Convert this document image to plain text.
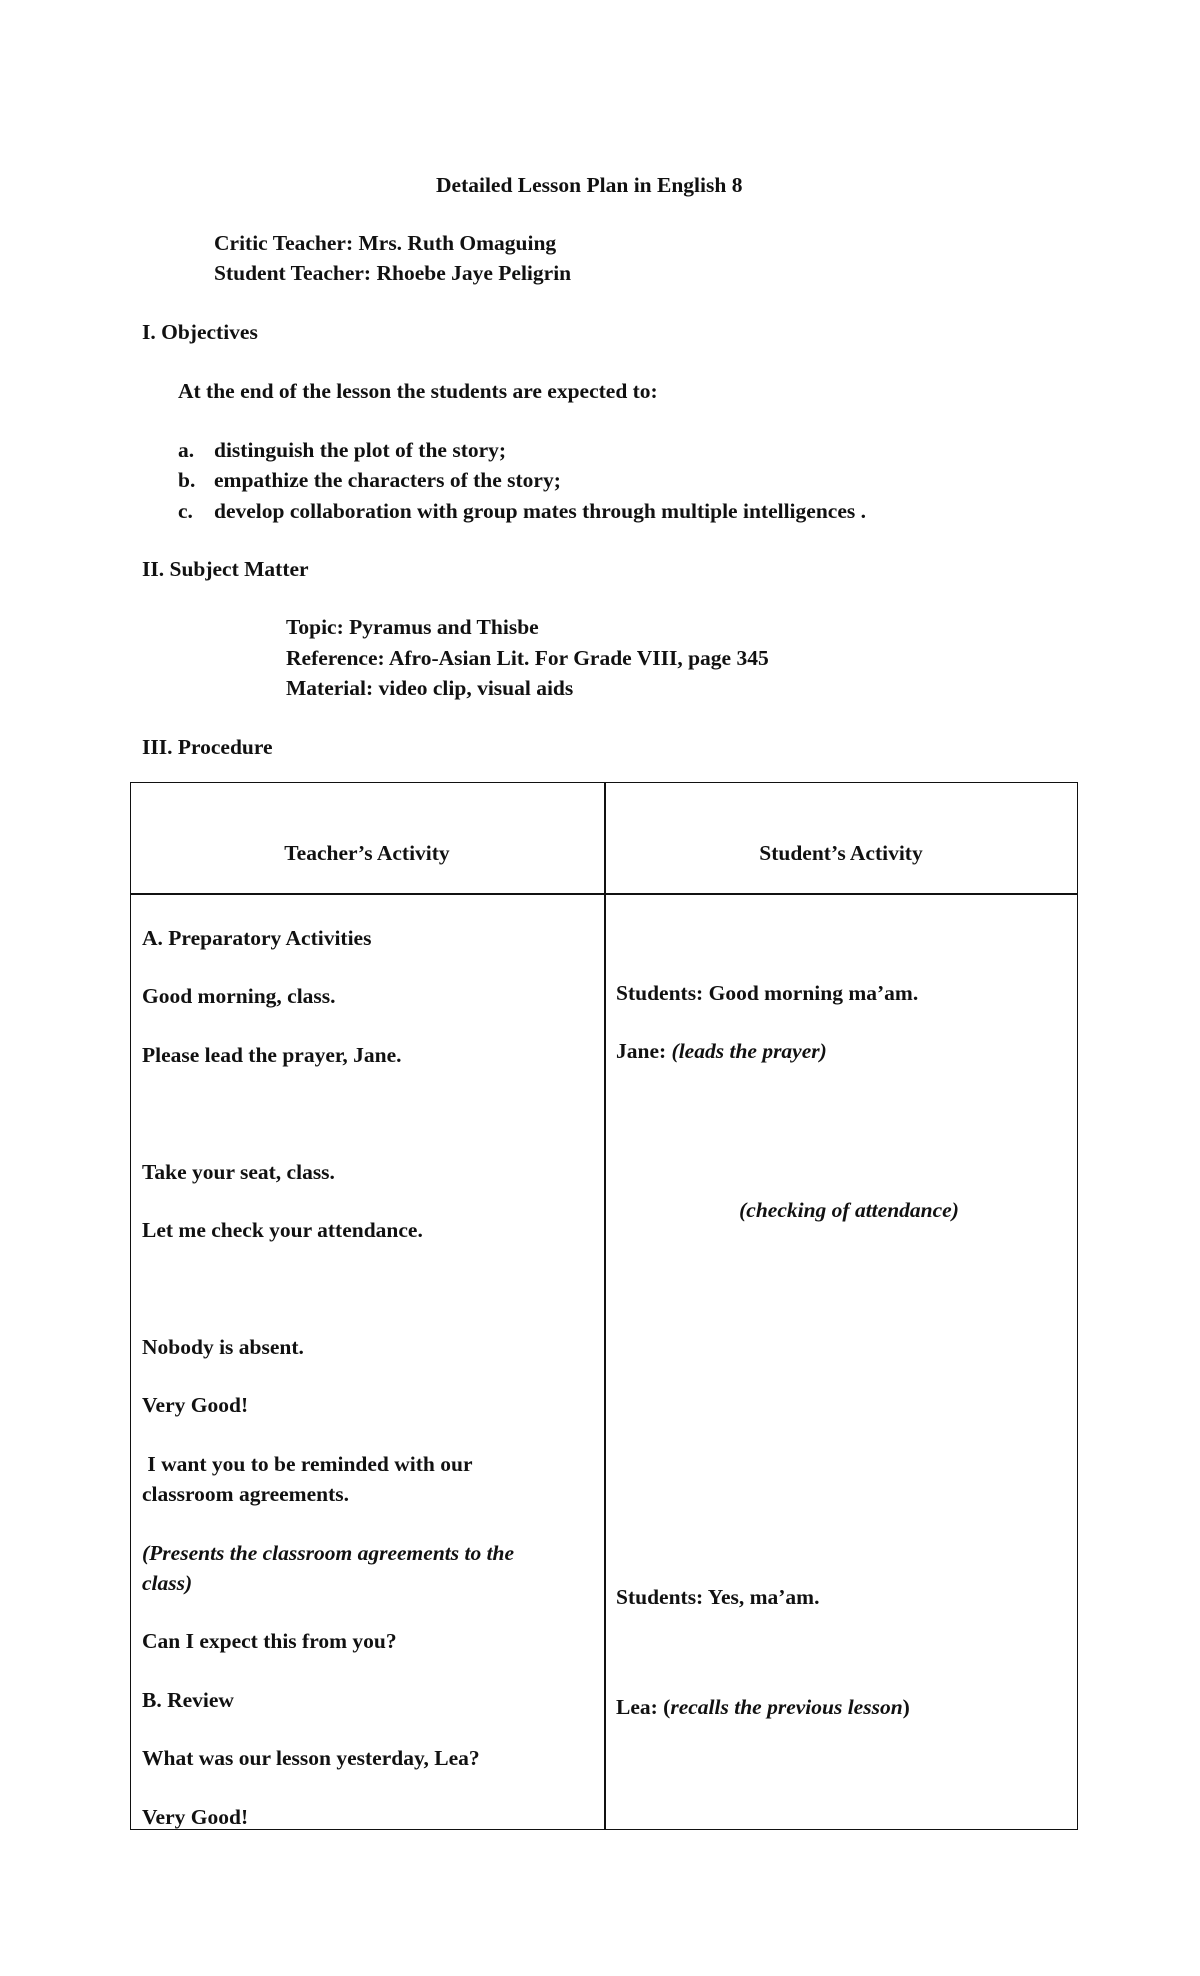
Detailed Lesson Plan in English 8
Critic Teacher: Mrs. Ruth Omaguing
Student Teacher: Rhoebe Jaye Peligrin
I. Objectives
At the end of the lesson the students are expected to:
a. distinguish the plot of the story;
b. empathize the characters of the story;
c. develop collaboration with group mates through multiple intelligences .
II. Subject Matter
Topic: Pyramus and Thisbe
Reference: Afro-Asian Lit. For Grade VIII, page 345
Material: video clip, visual aids
III. Procedure
Teacher’s Activity	Student’s Activity
A. Preparatory Activities
Good morning, class.
Please lead the prayer, Jane.
Take your seat, class.
Let me check your attendance.
Nobody is absent.
Very Good!
I want you to be reminded with our
classroom agreements.
(Presents the classroom agreements to the
class)
Can I expect this from you?
B. Review
What was our lesson yesterday, Lea?
Very Good!
Students: Good morning ma’am.
Jane: (leads the prayer)
(checking of attendance)
Students: Yes, ma’am.
Lea: (recalls the previous lesson)
